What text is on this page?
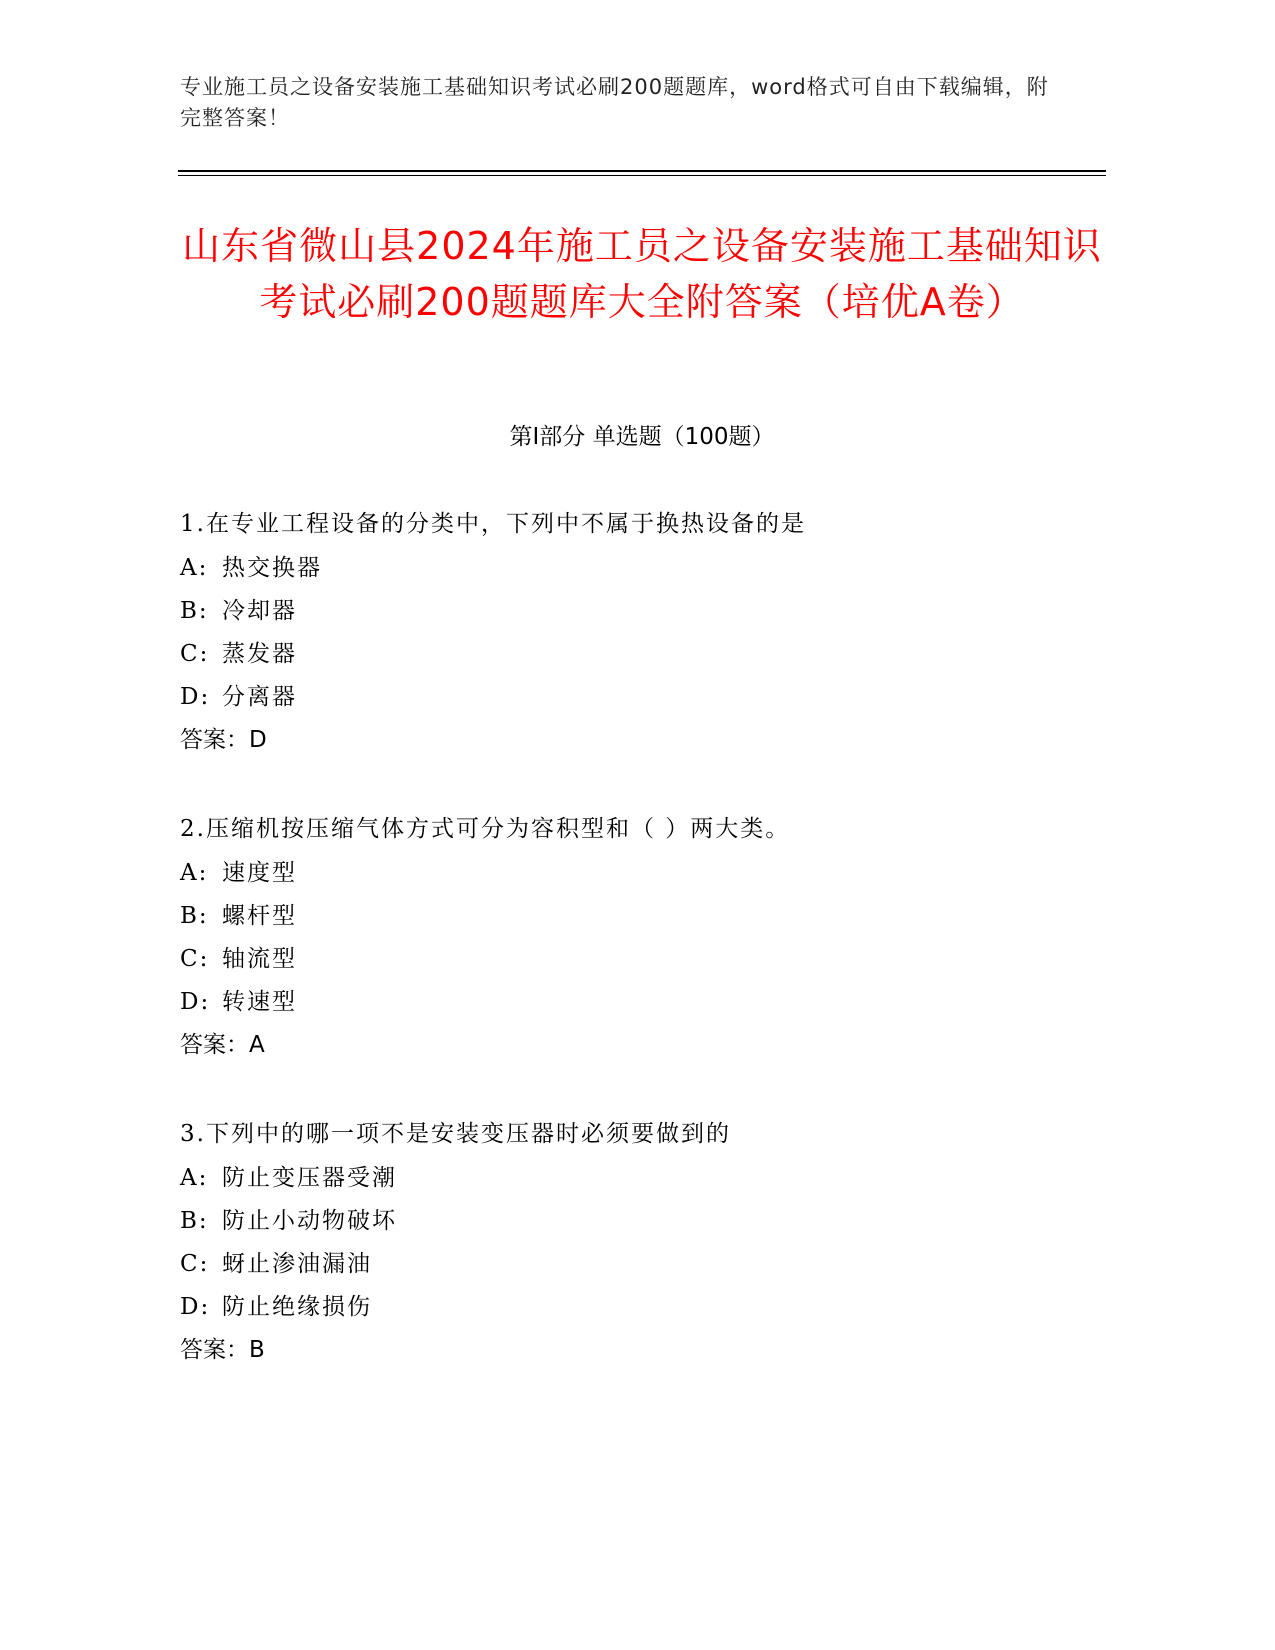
专业施工员之设备安装施工基础知识考试必刷200题题库，word格式可自由下载编辑，附完整答案！
山东省微山县2024年施工员之设备安装施工基础知识考试必刷200题题库大全附答案（培优A卷）
第Ⅰ部分 单选题（100题）
1.在专业工程设备的分类中，下列中不属于换热设备的是
A: 热交换器
B: 冷却器
C: 蒸发器
D: 分离器
答案：D
2.压缩机按压缩气体方式可分为容积型和（ ）两大类。
A: 速度型
B: 螺杆型
C: 轴流型
D: 转速型
答案：A
3.下列中的哪一项不是安装变压器时必须要做到的
A: 防止变压器受潮
B: 防止小动物破坏
C: 蚜止渗油漏油
D: 防止绝缘损伤
答案：B
